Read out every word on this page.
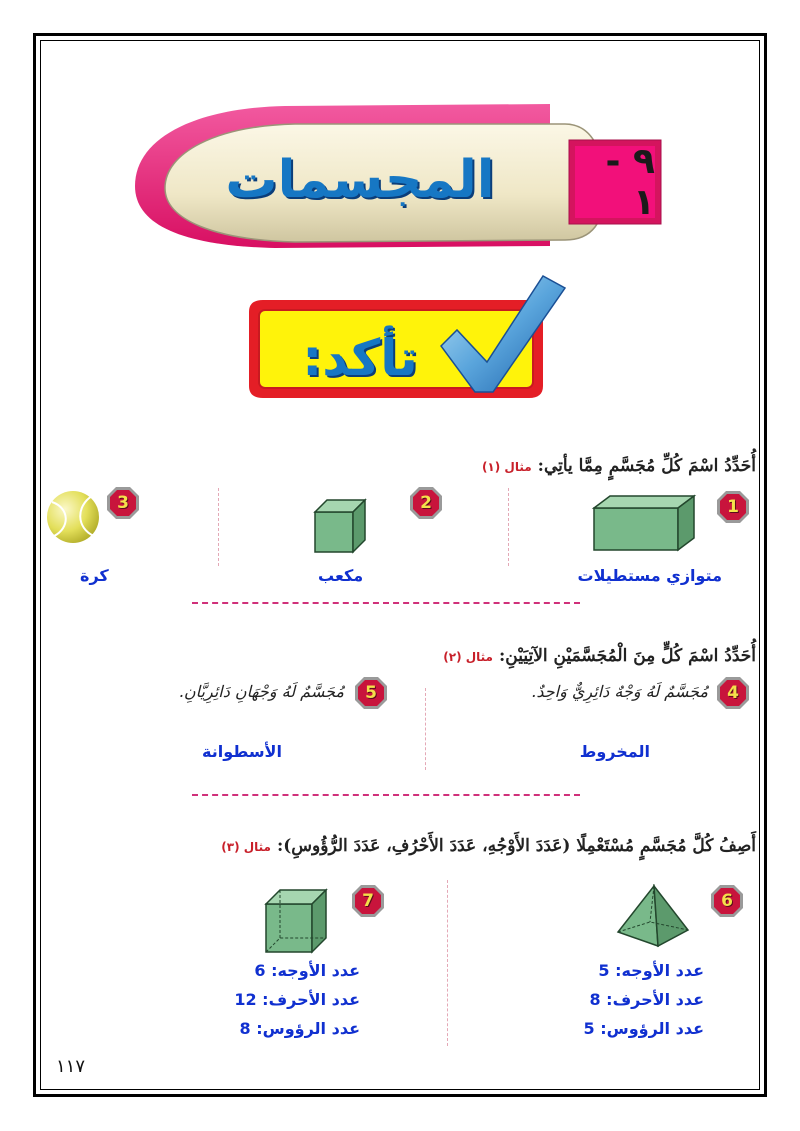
المجسمات	٩ - ١
تأكد:
أُحَدِّدُ اسْمَ كُلِّ مُجَسَّمٍ مِمَّا يأتِي:مثال (١)
1
متوازي مستطيلات
2
مكعب
3
كرة
أُحَدِّدُ اسْمَ كُلٍّ مِنَ الْمُجَسَّمَيْنِ الآتِيَيْنِ:مثال (٢)
4
مُجَسَّمٌ لَهُ وَجْهٌ دَائِرِيٌّ وَاحِدٌ.
المخروط
5
مُجَسَّمٌ لَهُ وَجْهَانِ دَائِرِيَّانِ.
الأسطوانة
أَصِفُ كُلَّ مُجَسَّمٍ مُسْتَعْمِلًا (عَدَدَ الأَوْجُهِ، عَدَدَ الأَحْرُفِ، عَدَدَ الرُّؤُوسِ):مثال (٣)
6
عدد الأوجه: 5
عدد الأحرف: 8
عدد الرؤوس: 5
7
عدد الأوجه: 6
عدد الأحرف: 12
عدد الرؤوس: 8
١١٧
